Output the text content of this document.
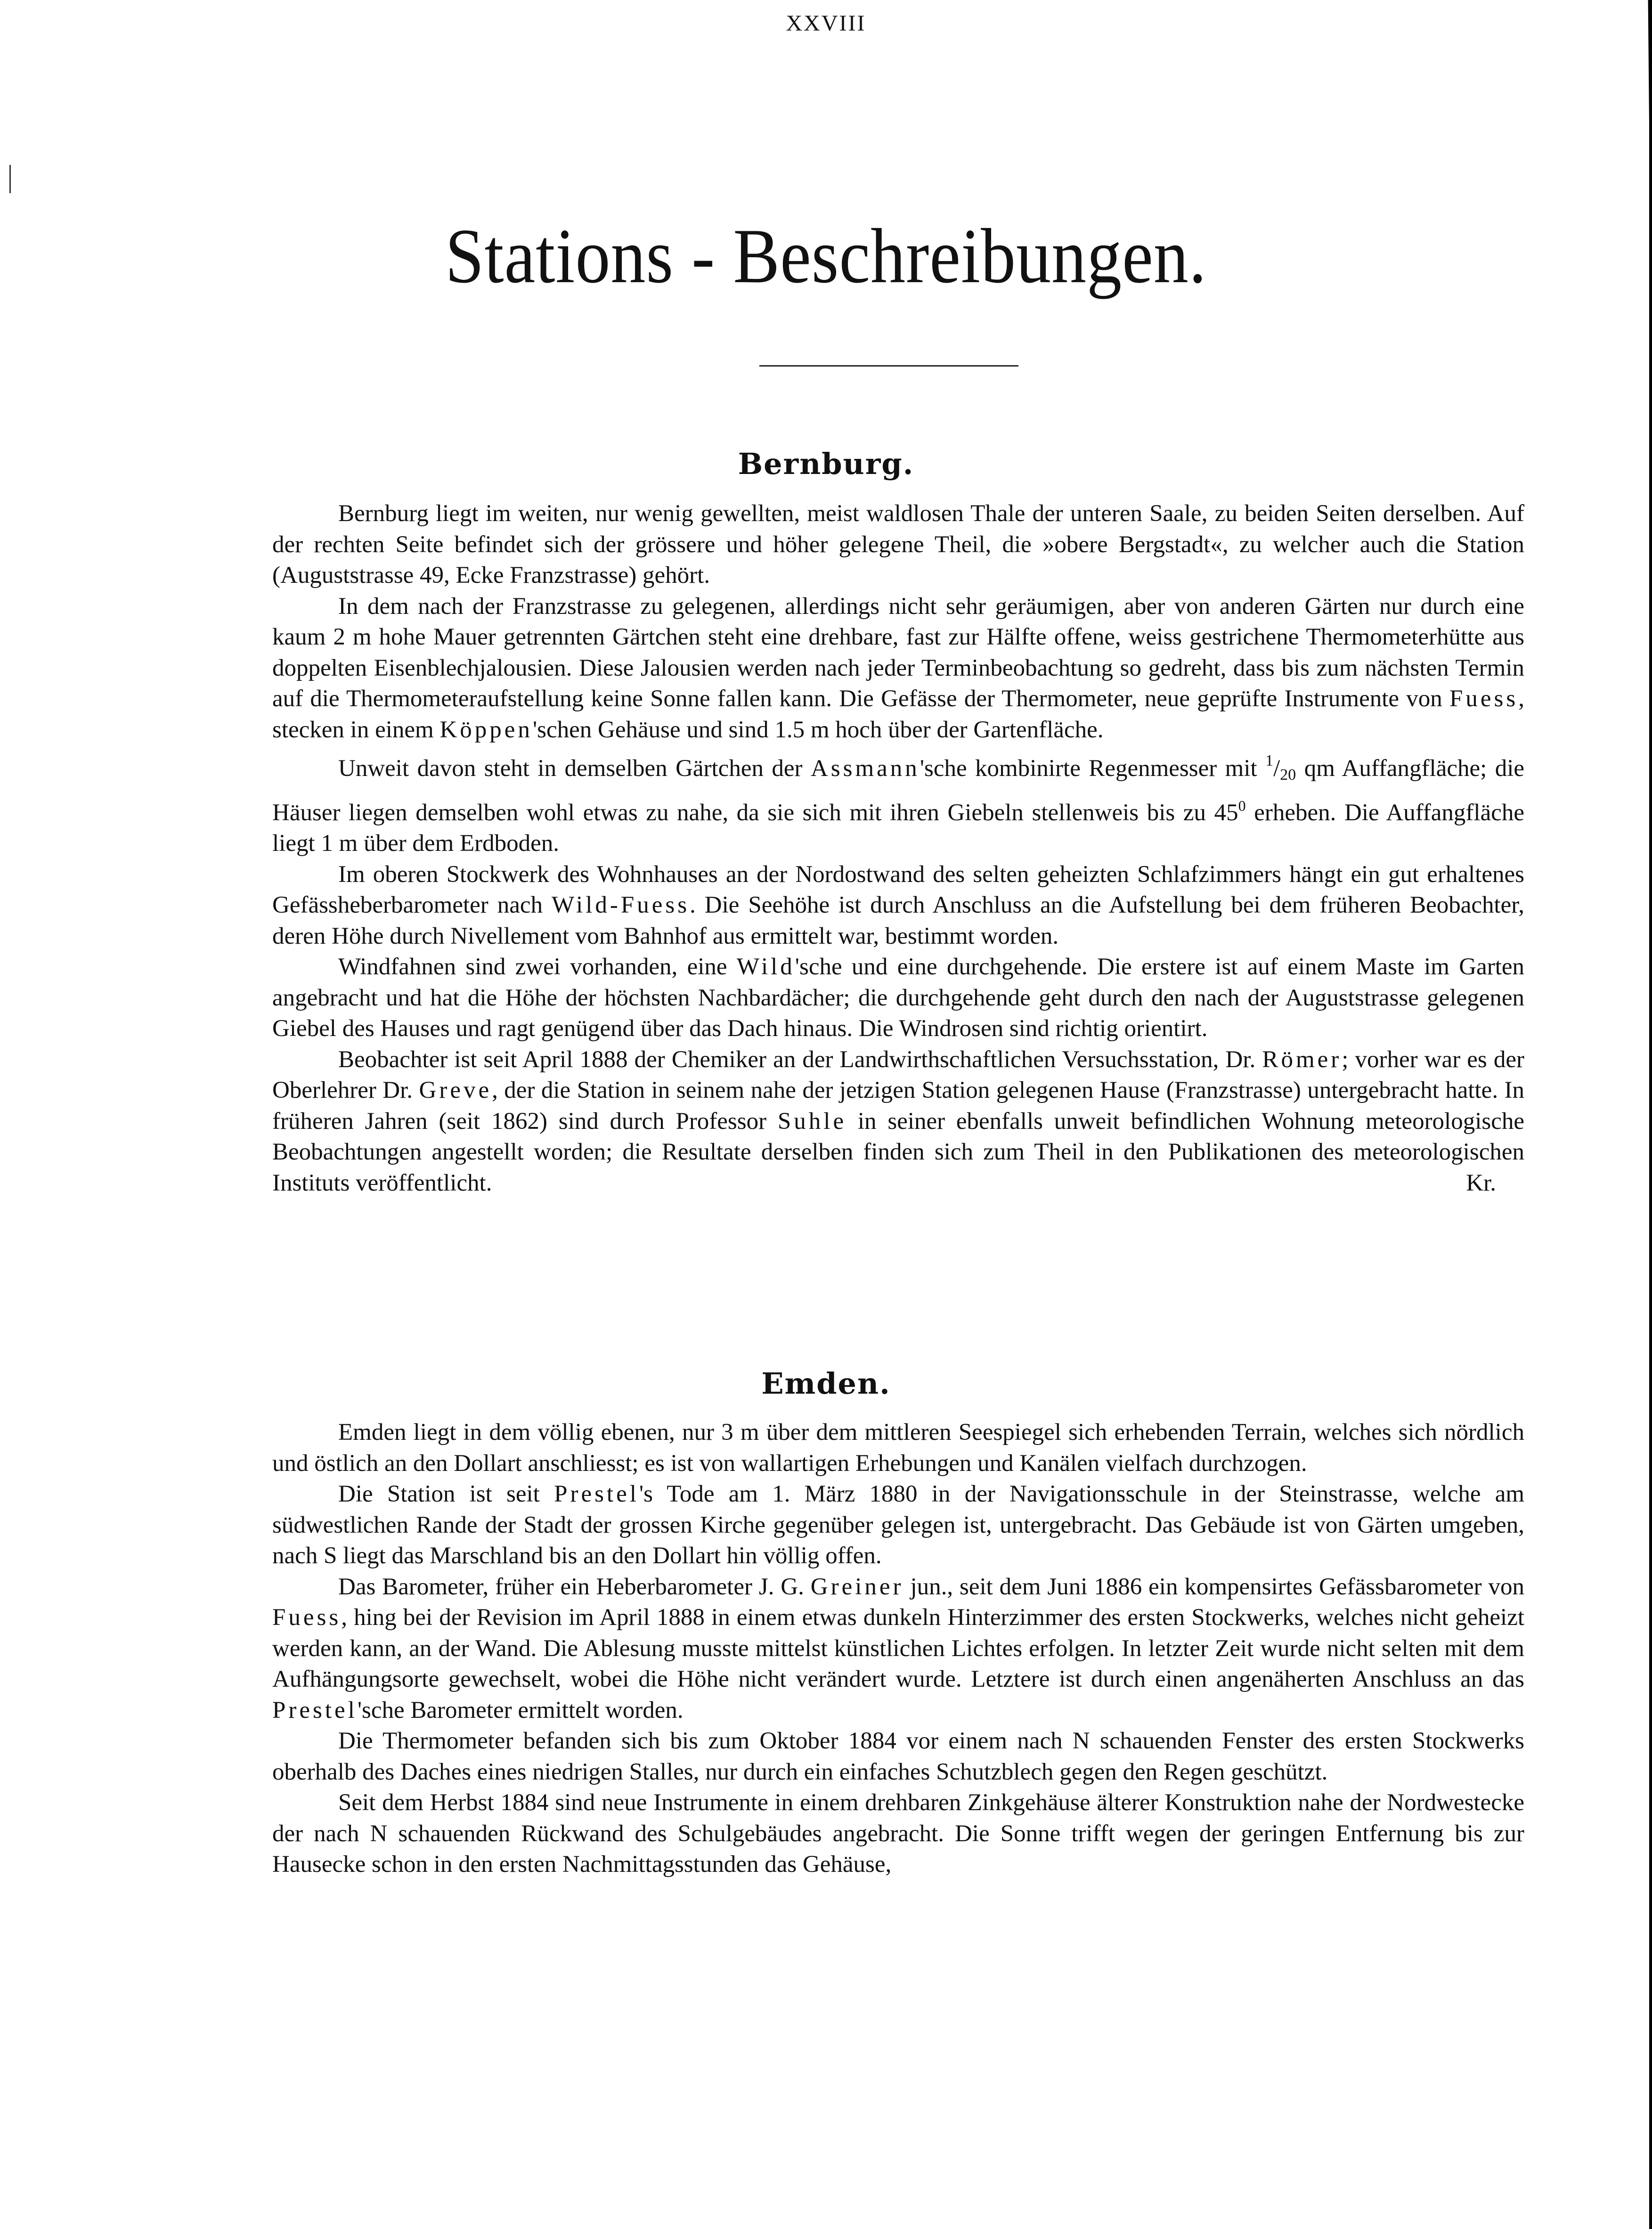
XXVIII
Stations - Beschreibungen.
Bernburg.

Bernburg liegt im weiten, nur wenig gewellten, meist waldlosen Thale der unteren Saale, zu beiden Seiten derselben. Auf der rechten Seite befindet sich der grössere und höher gelegene Theil, die »obere Bergstadt«, zu welcher auch die Station (Auguststrasse 49, Ecke Franzstrasse) gehört.

In dem nach der Franzstrasse zu gelegenen, allerdings nicht sehr geräumigen, aber von anderen Gärten nur durch eine kaum 2 m hohe Mauer getrennten Gärtchen steht eine drehbare, fast zur Hälfte offene, weiss gestrichene Thermometerhütte aus doppelten Eisenblechjalousien. Diese Jalousien werden nach jeder Terminbeobachtung so gedreht, dass bis zum nächsten Termin auf die Thermometeraufstellung keine Sonne fallen kann. Die Gefässe der Thermometer, neue geprüfte Instrumente von Fuess, stecken in einem Köppen'schen Gehäuse und sind 1.5 m hoch über der Gartenfläche.

Unweit davon steht in demselben Gärtchen der Assmann'sche kombinirte Regenmesser mit $^1$/20 qm Auffangfläche; die Häuser liegen demselben wohl etwas zu nahe, da sie sich mit ihren Giebeln stellenweis bis zu $45^0$ erheben. Die Auffangfläche liegt 1 m über dem Erdboden.

Im oberen Stockwerk des Wohnhauses an der Nordostwand des selten geheizten Schlafzimmers hängt ein gut erhaltenes Gefässheberbarometer nach Wild-Fuess. Die Seehöhe ist durch Anschluss an die Aufstellung bei dem früheren Beobachter, deren Höhe durch Nivellement vom Bahnhof aus ermittelt war, bestimmt worden.

Windfahnen sind zwei vorhanden, eine Wild'sche und eine durchgehende. Die erstere ist auf einem Maste im Garten angebracht und hat die Höhe der höchsten Nachbardächer; die durchgehende geht durch den nach der Auguststrasse gelegenen Giebel des Hauses und ragt genügend über das Dach hinaus. Die Windrosen sind richtig orientirt.

Beobachter ist seit April 1888 der Chemiker an der Landwirthschaftlichen Versuchsstation, Dr. Römer; vorher war es der Oberlehrer Dr. Greve, der die Station in seinem nahe der jetzigen Station gelegenen Hause (Franzstrasse) untergebracht hatte. In früheren Jahren (seit 1862) sind durch Professor Suhle in seiner ebenfalls unweit befindlichen Wohnung meteorologische Beobachtungen angestellt worden; die Resultate derselben finden sich zum Theil in den Publikationen des meteorologischen Instituts veröffentlicht.	Kr.

Emden.

Emden liegt in dem völlig ebenen, nur 3 m über dem mittleren Seespiegel sich erhebenden Terrain, welches sich nördlich und östlich an den Dollart anschliesst; es ist von wallartigen Erhebungen und Kanälen vielfach durchzogen.

Die Station ist seit Prestel's Tode am 1. März 1880 in der Navigationsschule in der Steinstrasse, welche am südwestlichen Rande der Stadt der grossen Kirche gegenüber gelegen ist, untergebracht. Das Gebäude ist von Gärten umgeben, nach S liegt das Marschland bis an den Dollart hin völlig offen.

Das Barometer, früher ein Heberbarometer J. G. Greiner jun., seit dem Juni 1886 ein kompensirtes Gefässbarometer von Fuess, hing bei der Revision im April 1888 in einem etwas dunkeln Hinterzimmer des ersten Stockwerks, welches nicht geheizt werden kann, an der Wand. Die Ablesung musste mittelst künstlichen Lichtes erfolgen. In letzter Zeit wurde nicht selten mit dem Aufhängungsorte gewechselt, wobei die Höhe nicht verändert wurde. Letztere ist durch einen angenäherten Anschluss an das Prestel'sche Barometer ermittelt worden.

Die Thermometer befanden sich bis zum Oktober 1884 vor einem nach N schauenden Fenster des ersten Stockwerks oberhalb des Daches eines niedrigen Stalles, nur durch ein einfaches Schutzblech gegen den Regen geschützt.

Seit dem Herbst 1884 sind neue Instrumente in einem drehbaren Zinkgehäuse älterer Konstruktion nahe der Nordwestecke der nach N schauenden Rückwand des Schulgebäudes angebracht. Die Sonne trifft wegen der geringen Entfernung bis zur Hausecke schon in den ersten Nachmittagsstunden das Gehäuse,
